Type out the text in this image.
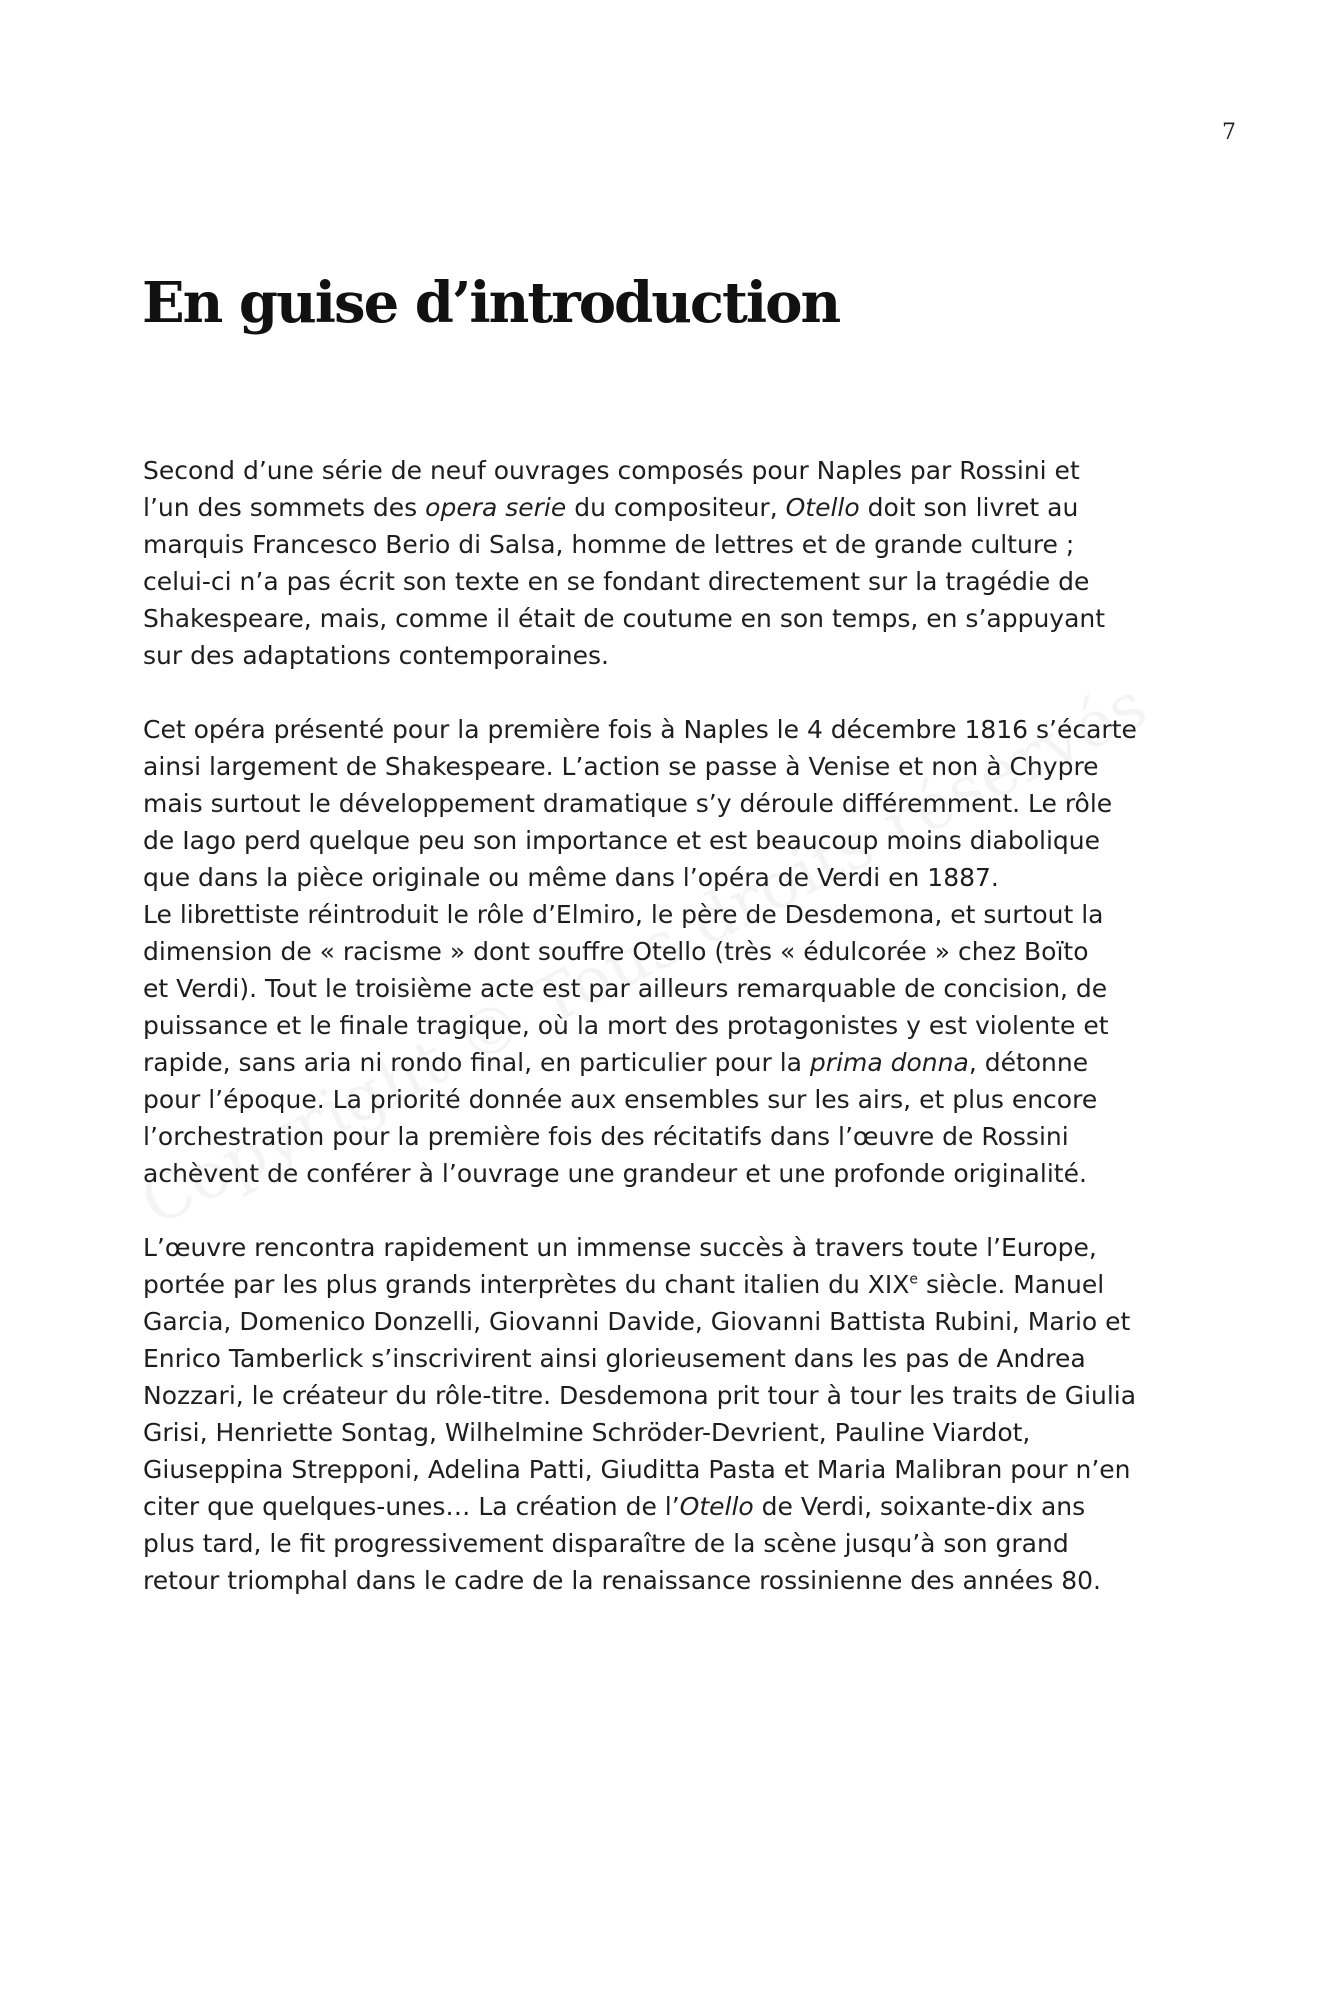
7
En guise d’introduction

Second d’une série de neuf ouvrages composés pour Naples par Rossini et
l’un des sommets des opera serie du compositeur, Otello doit son livret au
marquis Francesco Berio di Salsa, homme de lettres et de grande culture ;
celui-ci n’a pas écrit son texte en se fondant directement sur la tragédie de
Shakespeare, mais, comme il était de coutume en son temps, en s’appuyant
sur des adaptations contemporaines.

Cet opéra présenté pour la première fois à Naples le 4 décembre 1816 s’écarte
ainsi largement de Shakespeare. L’action se passe à Venise et non à Chypre
mais surtout le développement dramatique s’y déroule différemment. Le rôle
de Iago perd quelque peu son importance et est beaucoup moins diabolique
que dans la pièce originale ou même dans l’opéra de Verdi en 1887.
Le librettiste réintroduit le rôle d’Elmiro, le père de Desdemona, et surtout la
dimension de « racisme » dont souffre Otello (très « édulcorée » chez Boïto
et Verdi). Tout le troisième acte est par ailleurs remarquable de concision, de
puissance et le finale tragique, où la mort des protagonistes y est violente et
rapide, sans aria ni rondo final, en particulier pour la prima donna, détonne
pour l’époque. La priorité donnée aux ensembles sur les airs, et plus encore
l’orchestration pour la première fois des récitatifs dans l’œuvre de Rossini
achèvent de conférer à l’ouvrage une grandeur et une profonde originalité.

L’œuvre rencontra rapidement un immense succès à travers toute l’Europe,
portée par les plus grands interprètes du chant italien du XIXe siècle. Manuel
Garcia, Domenico Donzelli, Giovanni Davide, Giovanni Battista Rubini, Mario et
Enrico Tamberlick s’inscrivirent ainsi glorieusement dans les pas de Andrea
Nozzari, le créateur du rôle-titre. Desdemona prit tour à tour les traits de Giulia
Grisi, Henriette Sontag, Wilhelmine Schröder-Devrient, Pauline Viardot,
Giuseppina Strepponi, Adelina Patti, Giuditta Pasta et Maria Malibran pour n’en
citer que quelques-unes… La création de l’Otello de Verdi, soixante-dix ans
plus tard, le fit progressivement disparaître de la scène jusqu’à son grand
retour triomphal dans le cadre de la renaissance rossinienne des années 80.
